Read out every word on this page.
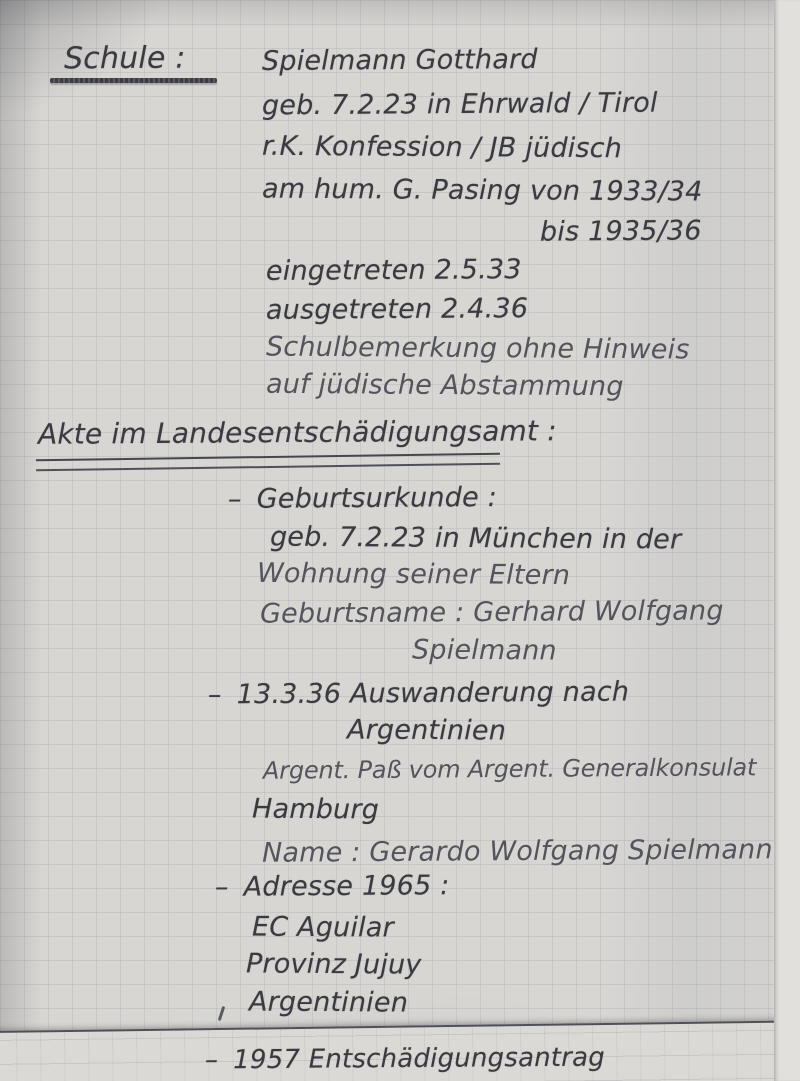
Schule :	Spielmann Gotthard
geb. 7.2.23 in Ehrwald / Tirol
r.K. Konfession / JB jüdisch
am hum. G. Pasing von 1933/34
bis 1935/36
eingetreten 2.5.33
ausgetreten 2.4.36
Schulbemerkung ohne Hinweis
auf jüdische Abstammung
Akte im Landesentschädigungsamt :
– Geburtsurkunde :
geb. 7.2.23 in München in der
Wohnung seiner Eltern
Geburtsname : Gerhard Wolfgang
Spielmann
– 13.3.36 Auswanderung nach
Argentinien
Argent. Paß vom Argent. Generalkonsulat
Hamburg
Name : Gerardo Wolfgang Spielmann
– Adresse 1965 :
EC Aguilar
Provinz Jujuy
Argentinien
– 1957 Entschädigungsantrag
